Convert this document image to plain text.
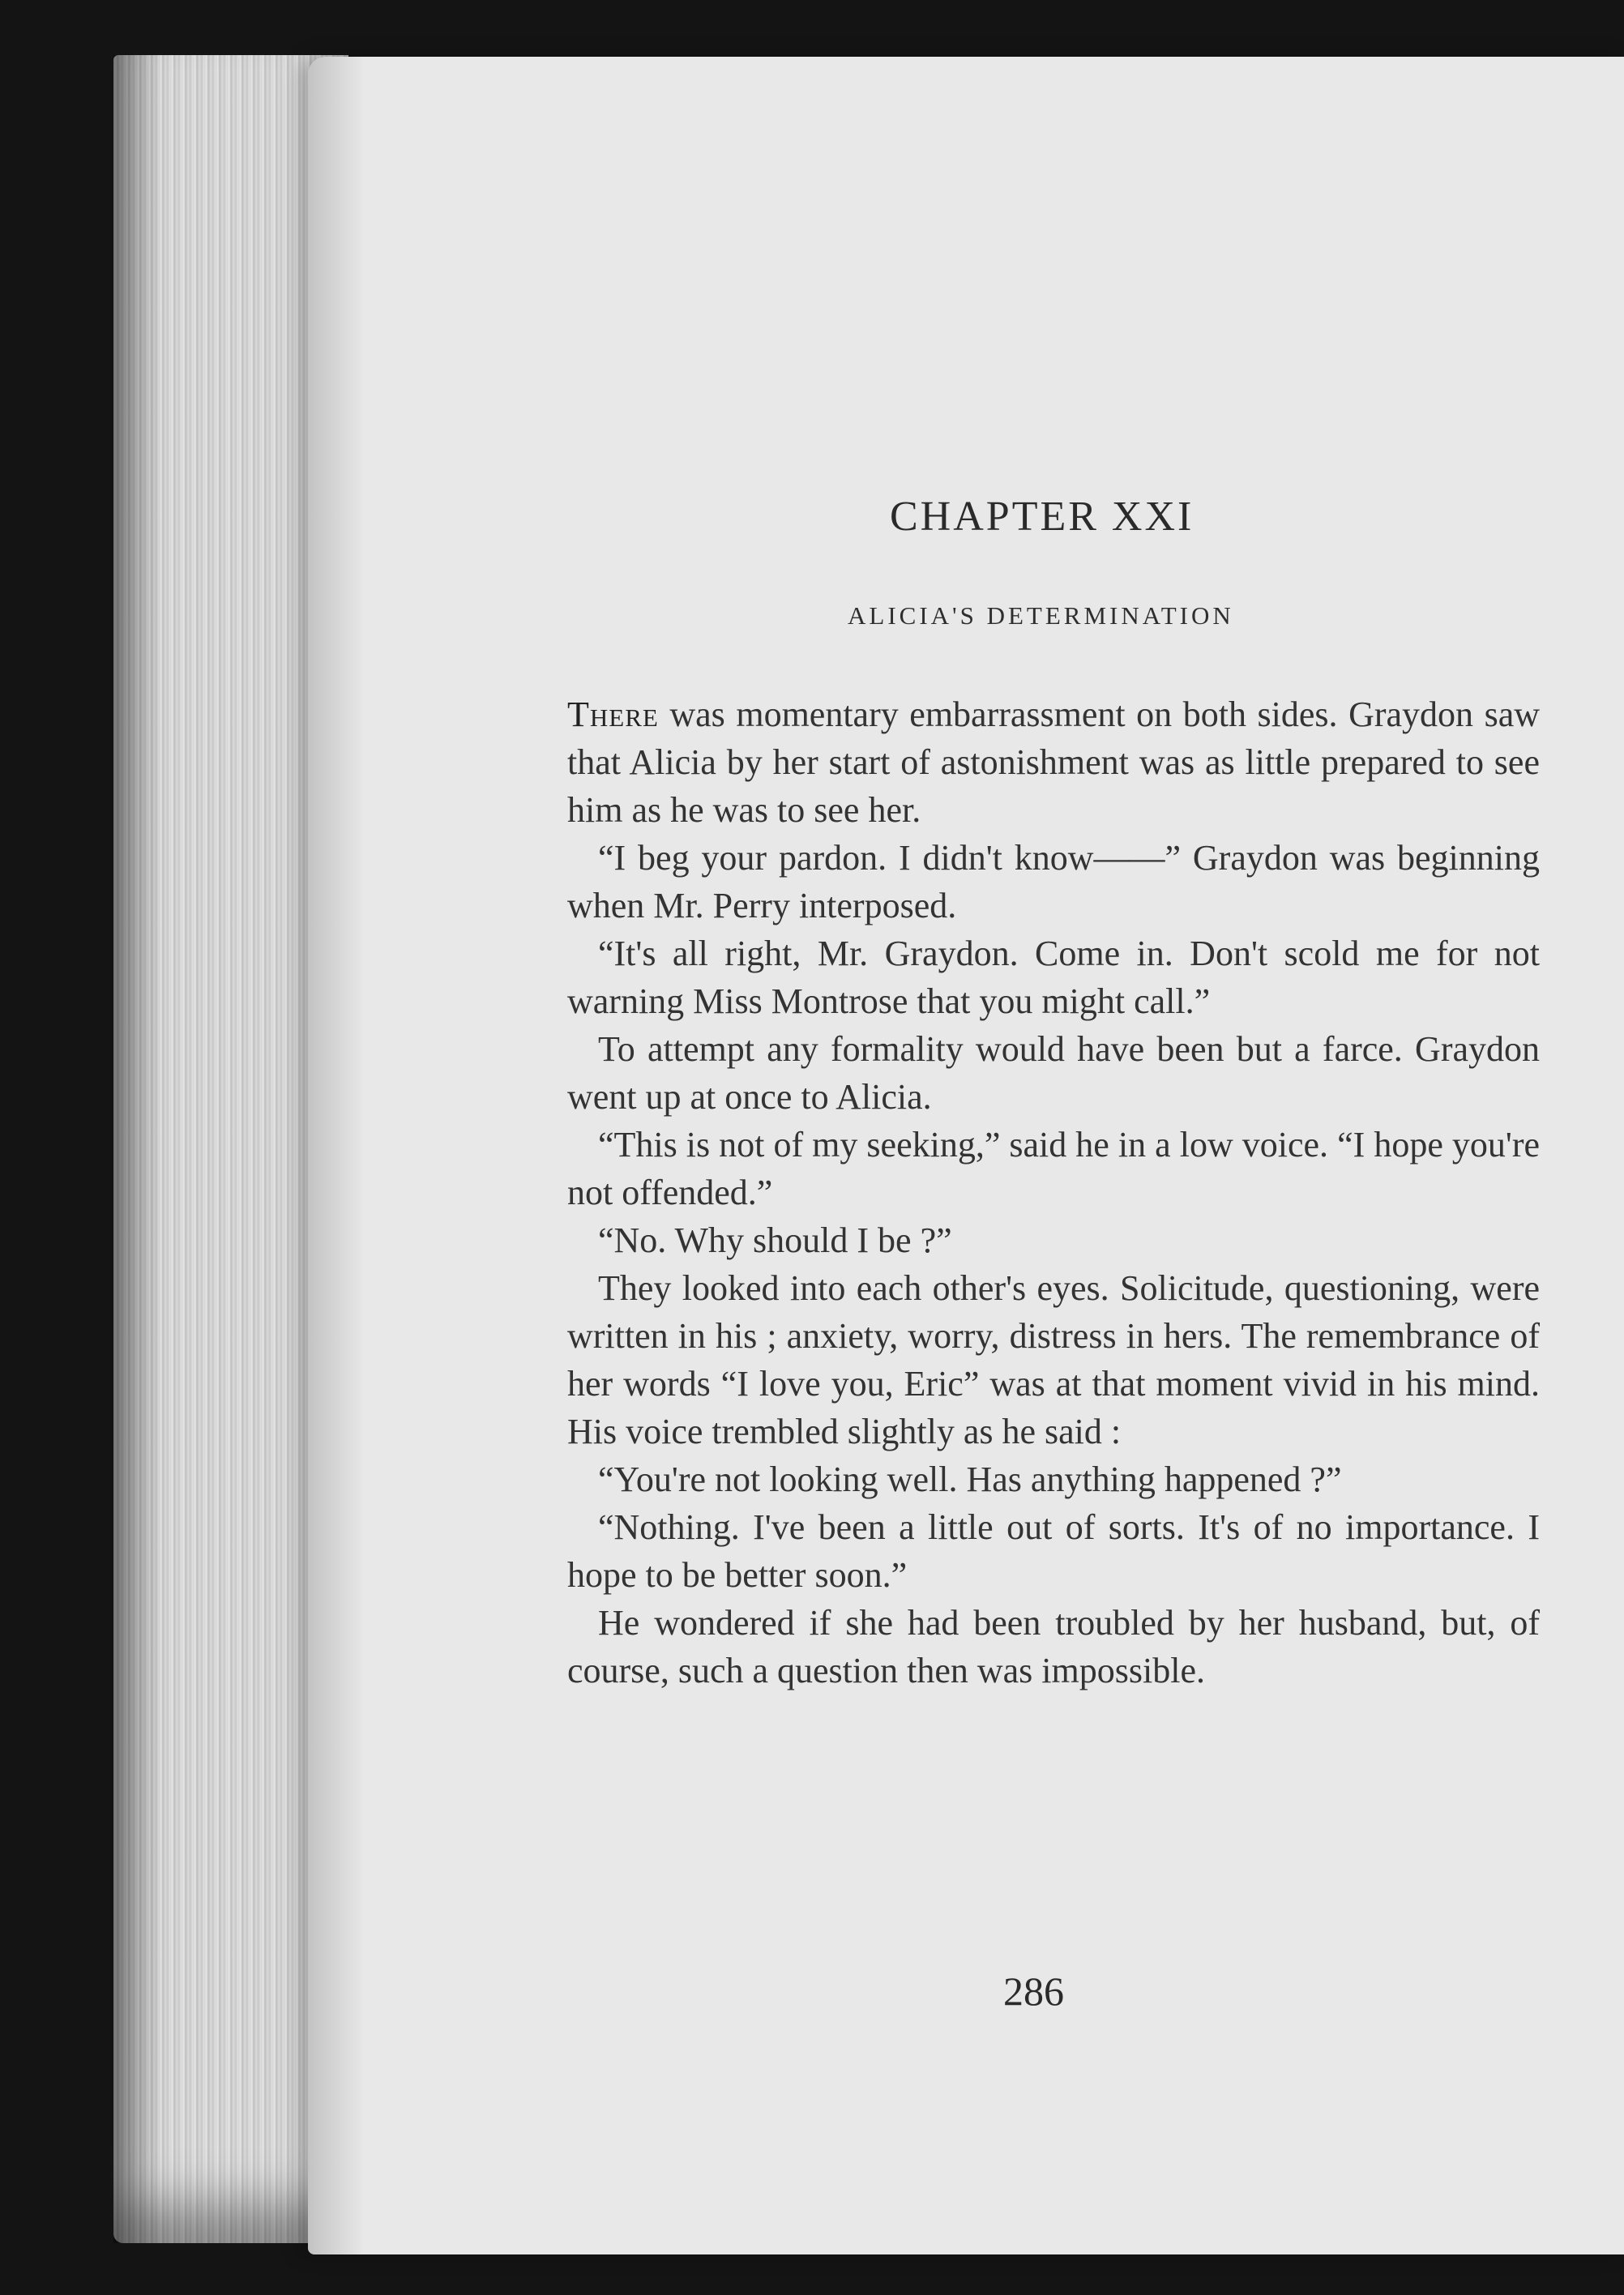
CHAPTER XXI
ALICIA'S DETERMINATION

There was momentary embarrassment on both sides. Graydon saw that Alicia by her start of astonishment was as little prepared to see him as he was to see her.

“I beg your pardon. I didn't know——” Graydon was beginning when Mr. Perry interposed.

“It's all right, Mr. Graydon. Come in. Don't scold me for not warning Miss Montrose that you might call.”

To attempt any formality would have been but a farce. Graydon went up at once to Alicia.

“This is not of my seeking,” said he in a low voice. “I hope you're not offended.”

“No. Why should I be ?”

They looked into each other's eyes. Solicitude, questioning, were written in his ; anxiety, worry, distress in hers. The remembrance of her words “I love you, Eric” was at that moment vivid in his mind. His voice trembled slightly as he said :

“You're not looking well. Has anything happened ?”

“Nothing. I've been a little out of sorts. It's of no importance. I hope to be better soon.”

He wondered if she had been troubled by her husband, but, of course, such a question then was impossible.

286
